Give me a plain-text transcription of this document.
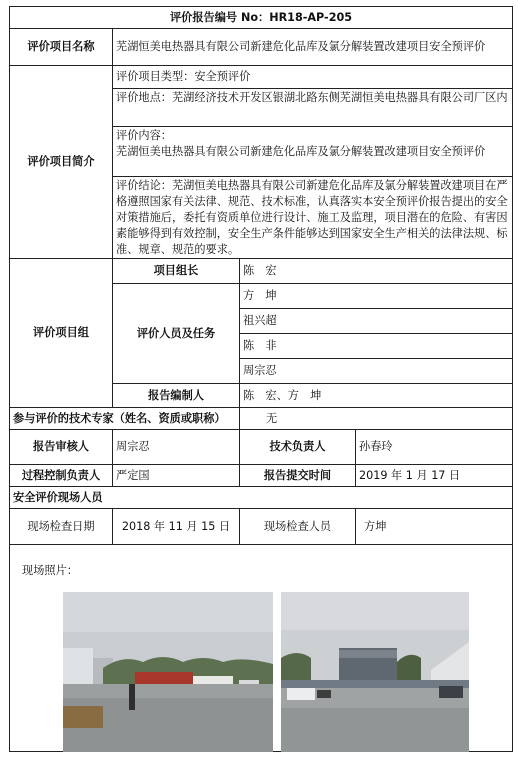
评价报告编号 No：HR18-AP-205			
评价项目名称	芜湖恒美电热器具有限公司新建危化品库及氯分解装置改建项目安全预评价		
评价项目简介	评价项目类型：安全预评价
评价地点：芜湖经济技术开发区银湖北路东侧芜湖恒美电热器具有限公司厂区内
评价内容：
芜湖恒美电热器具有限公司新建危化品库及氯分解装置改建项目安全预评价
评价结论：芜湖恒美电热器具有限公司新建危化品库及氯分解装置改建项目在严格遵照国家有关法律、规范、技术标准，认真落实本安全预评价报告提出的安全对策措施后，委托有资质单位进行设计、施工及监理，项目潜在的危险、有害因素能够得到有效控制，安全生产条件能够达到国家安全生产相关的法律法规、标准、规章、规范的要求。		

评价项目组	项目组长	陈　宏	
	评价人员及任务	方　坤	
		祖兴超	
		陈　非	
		周宗忍	
	报告编制人	陈　宏、方　坤	
参与评价的技术专家（姓名、资质或职称）		无	
报告审核人	周宗忍	技术负责人	孙春玲
过程控制负责人	严定国	报告提交时间	2019 年 1 月 17 日
安全评价现场人员			
现场检查日期	2018 年 11 月 15 日	现场检查人员	方坤

现场照片：
